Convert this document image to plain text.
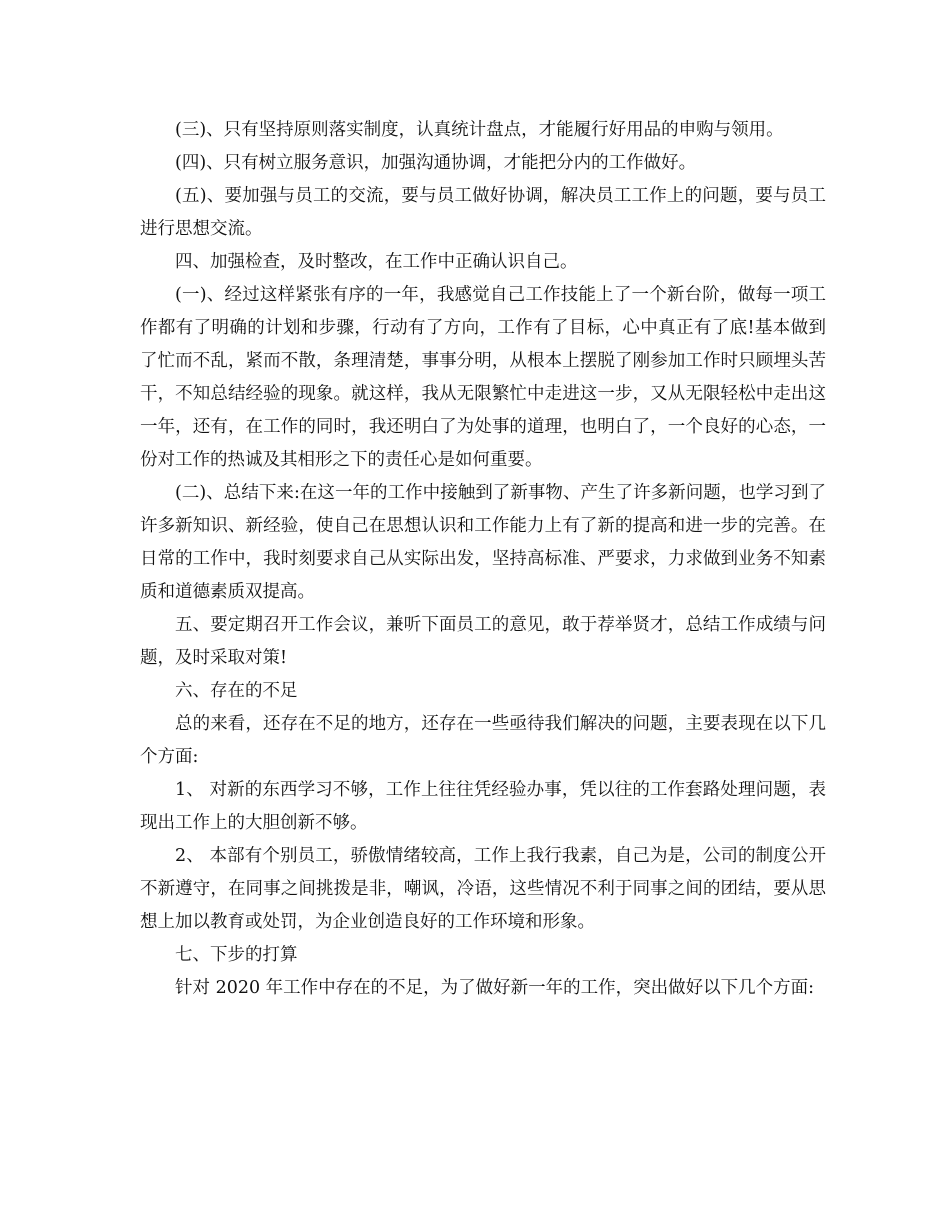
(三)、只有坚持原则落实制度，认真统计盘点，才能履行好用品的申购与领用。

(四)、只有树立服务意识，加强沟通协调，才能把分内的工作做好。

(五)、要加强与员工的交流，要与员工做好协调，解决员工工作上的问题，要与员工进行思想交流。

四、加强检查，及时整改，在工作中正确认识自己。

(一)、经过这样紧张有序的一年，我感觉自己工作技能上了一个新台阶，做每一项工作都有了明确的计划和步骤，行动有了方向，工作有了目标，心中真正有了底!基本做到了忙而不乱，紧而不散，条理清楚，事事分明，从根本上摆脱了刚参加工作时只顾埋头苦干，不知总结经验的现象。就这样，我从无限繁忙中走进这一步，又从无限轻松中走出这一年，还有，在工作的同时，我还明白了为处事的道理，也明白了，一个良好的心态，一份对工作的热诚及其相形之下的责任心是如何重要。

(二)、总结下来:在这一年的工作中接触到了新事物、产生了许多新问题，也学习到了许多新知识、新经验，使自己在思想认识和工作能力上有了新的提高和进一步的完善。在日常的工作中，我时刻要求自己从实际出发，坚持高标准、严要求，力求做到业务不知素质和道德素质双提高。

五、要定期召开工作会议，兼听下面员工的意见，敢于荐举贤才，总结工作成绩与问题，及时采取对策!

六、存在的不足

总的来看，还存在不足的地方，还存在一些亟待我们解决的问题，主要表现在以下几个方面:

1、 对新的东西学习不够，工作上往往凭经验办事，凭以往的工作套路处理问题，表现出工作上的大胆创新不够。

2、 本部有个别员工，骄傲情绪较高，工作上我行我素，自己为是，公司的制度公开不新遵守，在同事之间挑拨是非，嘲讽，冷语，这些情况不利于同事之间的团结，要从思想上加以教育或处罚，为企业创造良好的工作环境和形象。

七、下步的打算

针对 2020 年工作中存在的不足，为了做好新一年的工作，突出做好以下几个方面:
